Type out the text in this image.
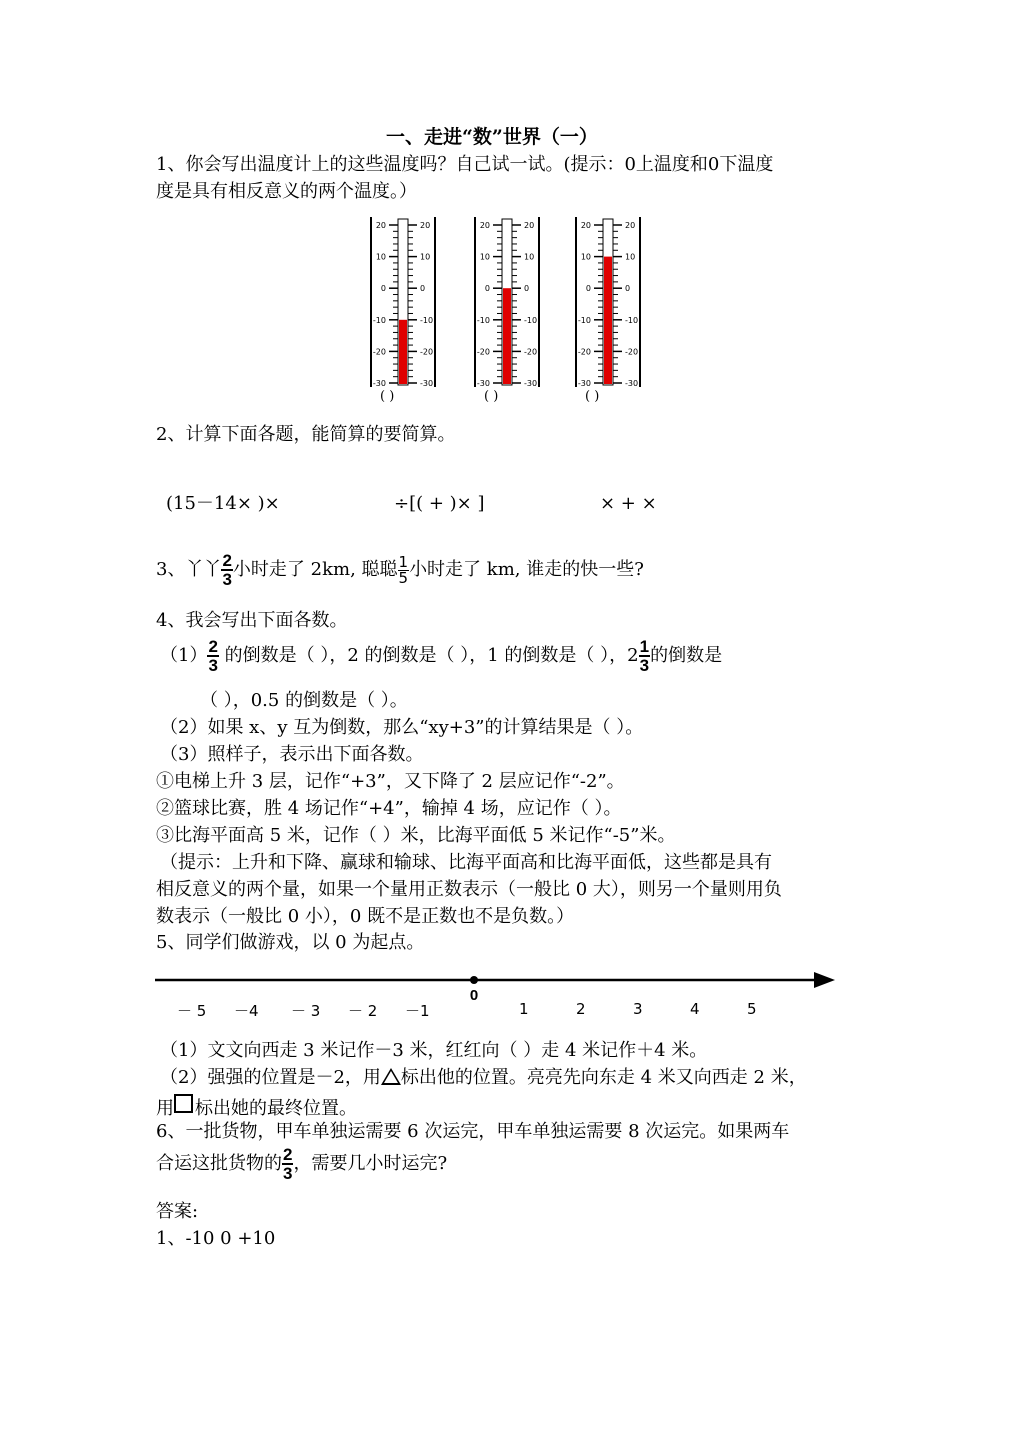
一、走进“数”世界（一）
1、你会写出温度计上的这些温度吗？自己试一试。(提示：0上温度和0下温度
度是具有相反意义的两个温度。）
20	20
10	10
0	0
-10	-10
-20	-20
-30	-30
( )
20	20
10	10
0	0
-10	-10
-20	-20
-30	-30
( )
20	20
10	10
0	0
-10	-10
-20	-20
-30	-30
( )
2、计算下面各题，能简算的要简算。
(15－14× )×	÷[( + )× ]	× + ×
3、丫丫 $\frac{2}{3}$ 小时走了 2km, 聪聪 $\frac{1}{5}$ 小时走了 km, 谁走的快一些?
4、我会写出下面各数。
$(1) \frac{2}{3}$ 的倒数是（ ），2 的倒数是（ ），1 的倒数是（ ），$2 \frac{1}{3}$ 的倒数是
（ ），0.5 的倒数是（ ）。
（2）如果 x、y 互为倒数，那么“xy+3”的计算结果是（ ）。
（3）照样子，表示出下面各数。
①电梯上升 3 层，记作“+3”，又下降了 2 层应记作“-2”。
②篮球比赛，胜 4 场记作“+4”，输掉 4 场，应记作（ ）。
③比海平面高 5 米，记作（ ）米，比海平面低 5 米记作“-5”米。
（提示：上升和下降、赢球和输球、比海平面高和比海平面低，这些都是具有
相反意义的两个量，如果一个量用正数表示（一般比 0 大），则另一个量则用负
数表示（一般比 0 小），0 既不是正数也不是负数。）
5、同学们做游戏，以 0 为起点。
0
－ 5 －4 － 3 － 2 －1	1	2	3	4	5
（1）文文向西走 3 米记作－3 米，红红向（ ）走 4 米记作＋4 米。
（2）强强的位置是－2，用 标出他的位置。亮亮先向东走 4 米又向西走 2 米，
用 标出她的最终位置。
6、一批货物，甲车单独运需要 6 次运完，甲车单独运需要 8 次运完。如果两车
合运这批货物的 $\frac{2}{3}$ ，需要几小时运完?
答案:
1、-10 0 +10
